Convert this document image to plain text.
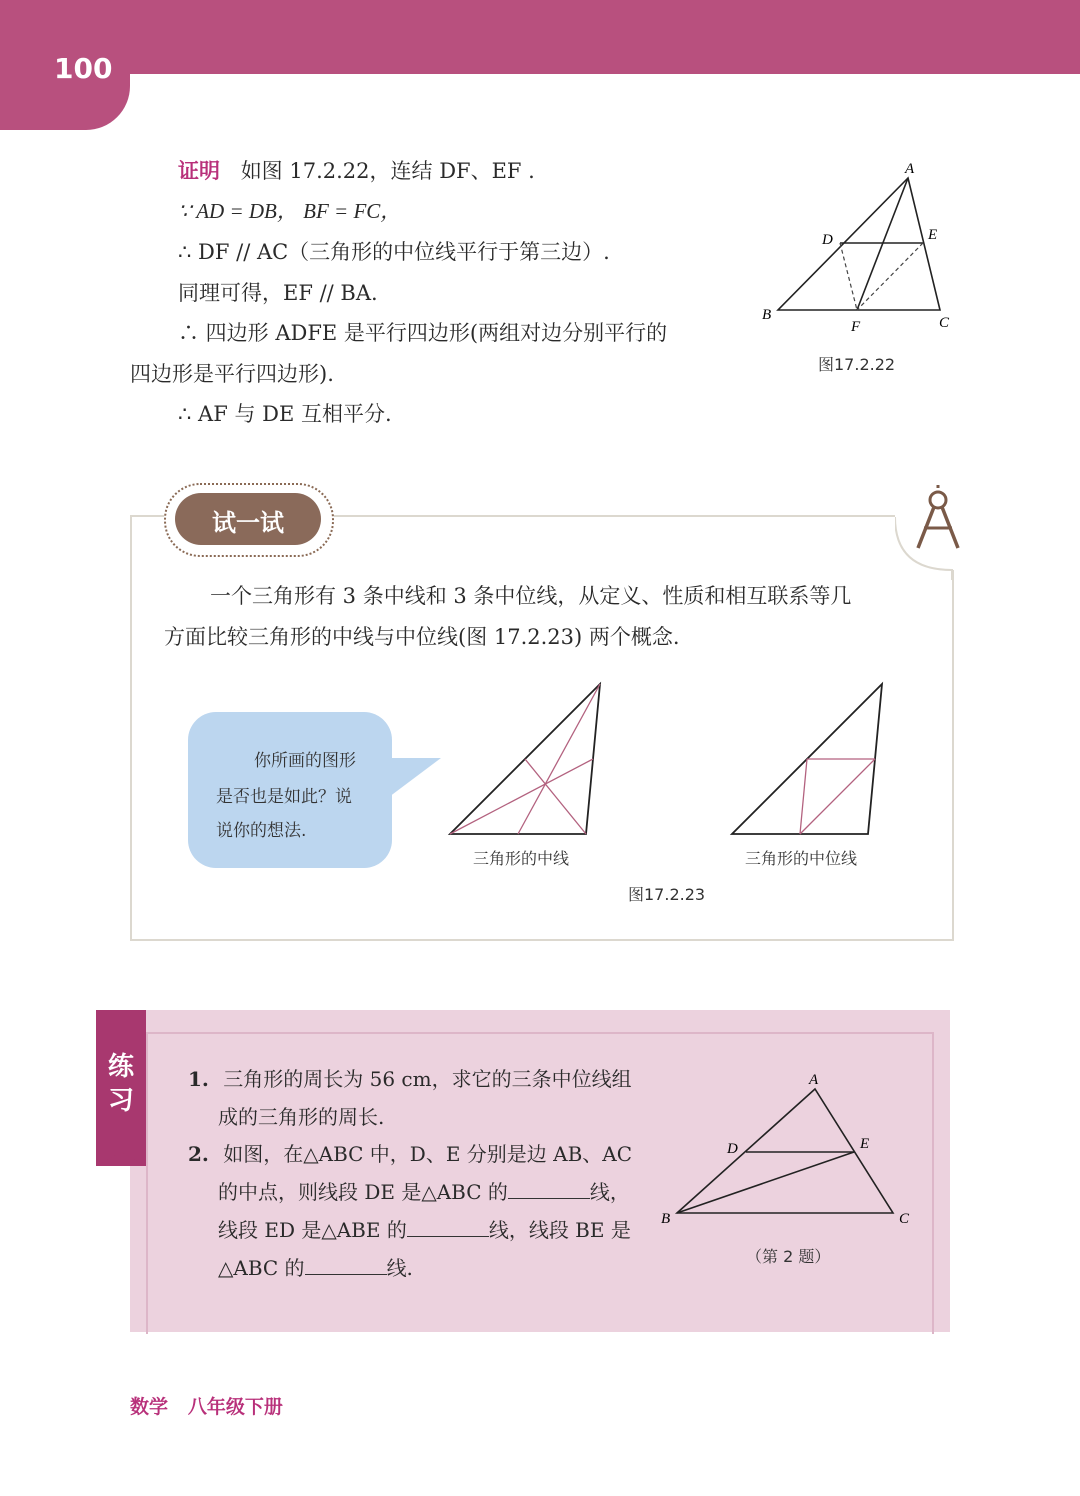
100
证明 如图 17.2.22，连结 DF、EF .
∵ AD = DB， BF = FC，
∴ DF // AC（三角形的中位线平行于第三边）.
同理可得，EF // BA.
∴ 四边形 ADFE 是平行四边形(两组对边分别平行的
四边形是平行四边形).
∴ AF 与 DE 互相平分.
A
D	E
B
F	C
图17.2.22
试一试
一个三角形有 3 条中线和 3 条中位线，从定义、性质和相互联系等几
方面比较三角形的中线与中位线(图 17.2.23) 两个概念.
你所画的图形
是否也是如此？说
说你的想法.
三角形的中线	三角形的中位线
图17.2.23
练
习
1. 三角形的周长为 56 cm，求它的三条中位线组
成的三角形的周长.
2. 如图，在△ABC 中，D、E 分别是边 AB、AC
的中点，则线段 DE 是△ABC 的	线，
线段 ED 是△ABE 的	线，线段 BE 是
△ABC 的	线.
A
D	E
B	C
（第 2 题）
数学 八年级下册
